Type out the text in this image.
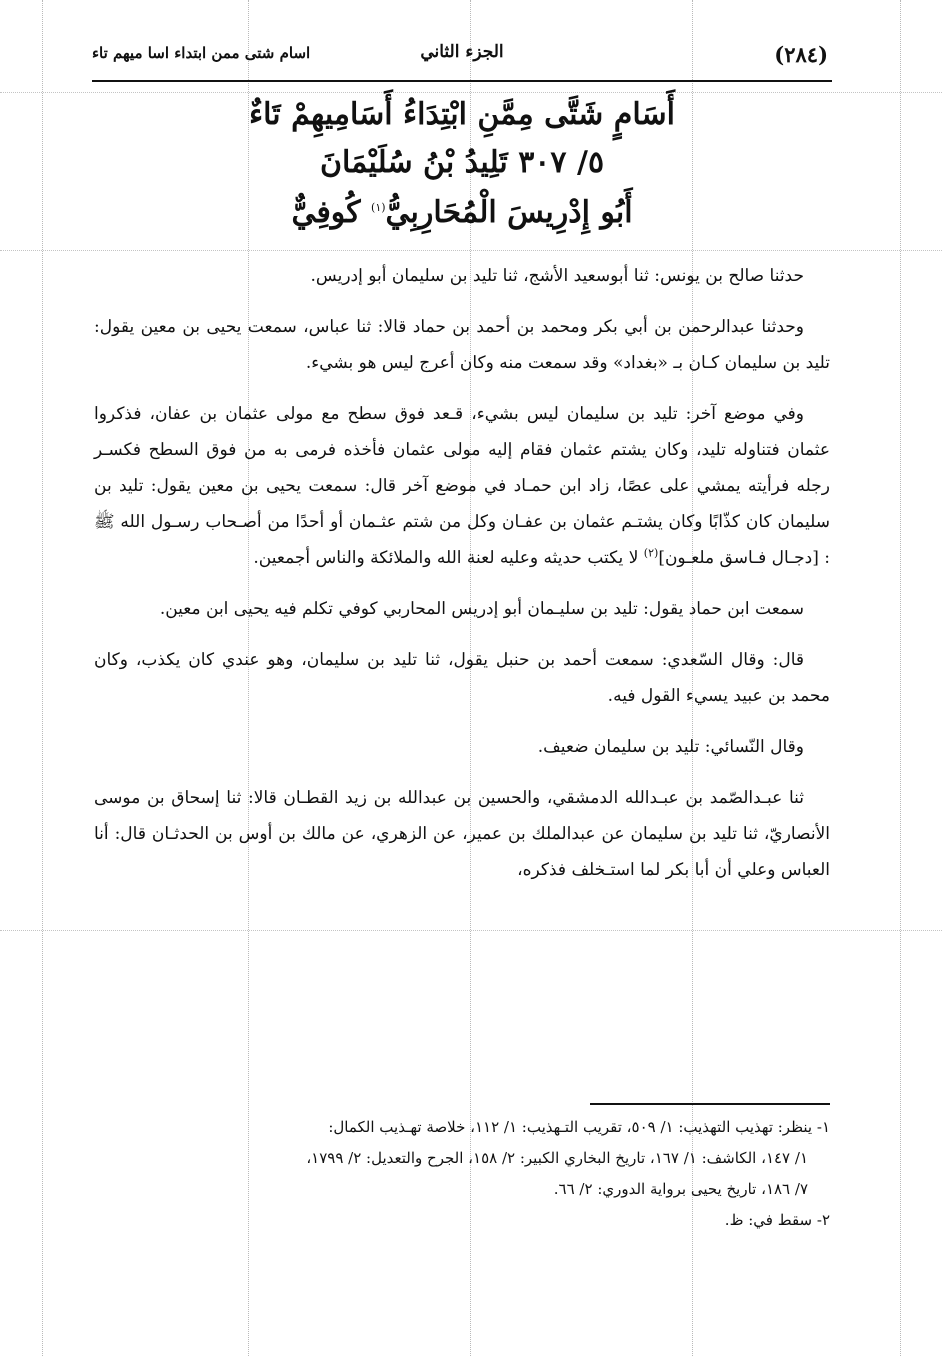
(٢٨٤)
الجزء الثاني
اسام شتى ممن ابتداء اسا ميهم تاء
أَسَامٍ شَتَّى مِمَّنِ ابْتِدَاءُ أَسَامِيهِمْ تَاءٌ
٥/ ٣٠٧ تَلِيدُ بْنُ سُلَيْمَانَ
أَبُو إِدْرِيسَ الْمُحَارِبِيُّ$^{(١)}$ كُوفِيٌّ

حدثنا صالح بن يونس: ثنا أبوسعيد الأشج، ثنا تليد بن سليمان أبو إدريس.

وحدثنا عبدالرحمن بن أبي بكر ومحمد بن أحمد بن حماد قالا: ثنا عباس، سمعت يحيى بن معين يقول: تليد بن سليمان كـان بـ «بغداد» وقد سمعت منه وكان أعرج ليس هو بشيء.

وفي موضع آخر: تليد بن سليمان ليس بشيء، قـعد فوق سطح مع مولى عثمان بن عفان، فذكروا عثمان فتناوله تليد، وكان يشتم عثمان فقام إليه مولى عثمان فأخذه فرمى به من فوق السطح فكسـر رجله فرأيته يمشي على عصًا، زاد ابن حمـاد في موضع آخر قال: سمعت يحيى بن معين يقول: تليد بن سليمان كان كذّابًا وكان يشتـم عثمان بن عفـان وكل من شتم عثـمان أو أحدًا من أصـحاب رسـول الله ﷺ : [دجـال فـاسق ملعـون]$^{(٢)}$ لا يكتب حديثه وعليه لعنة الله والملائكة والناس أجمعين.

سمعت ابن حماد يقول: تليد بن سليـمان أبو إدريس المحاربي كوفي تكلم فيه يحيى ابن معين.

قال: وقال السّعدي: سمعت أحمد بن حنبل يقول، ثنا تليد بن سليمان، وهو عندي كان يكذب، وكان محمد بن عبيد يسيء القول فيه.

وقال النّسائي: تليد بن سليمان ضعيف.

ثنا عبـدالصّمد بن عبـدالله الدمشقي، والحسين بن عبدالله بن زيد القطـان قالا: ثنا إسحاق بن موسى الأنصاريّ، ثنا تليد بن سليمان عن عبدالملك بن عمير، عن الزهري، عن مالك بن أوس بن الحدثـان قال: أنا العباس وعلي أن أبا بكر لما استـخلف فذكره،

١- ينظر: تهذيب التهذيب: ١/ ٥٠٩، تقريب التـهذيب: ١/ ١١٢، خلاصة تهـذيب الكمال:

١/ ١٤٧، الكاشف: ١/ ١٦٧، تاريخ البخاري الكبير: ٢/ ١٥٨، الجرح والتعديل: ٢/ ١٧٩٩،

٧/ ١٨٦، تاريخ يحيى برواية الدوري: ٢/ ٦٦.

٢- سقط في: ظ.
